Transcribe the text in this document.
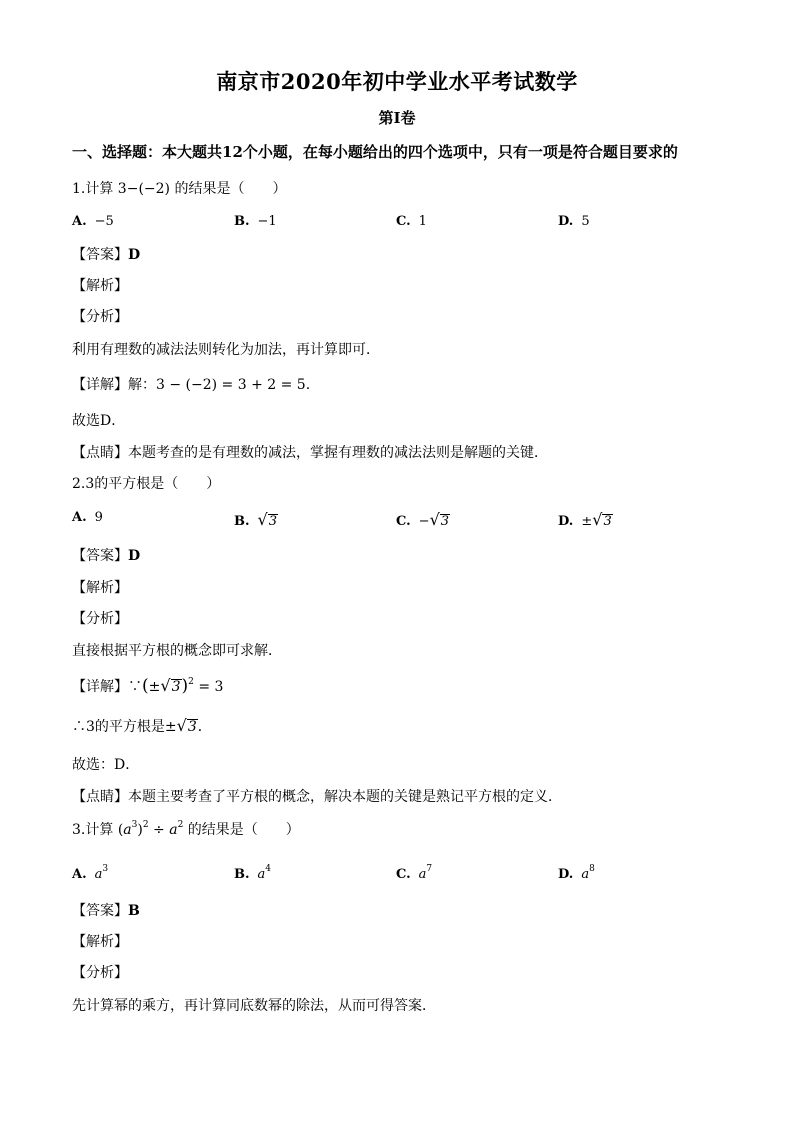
南京市2020年初中学业水平考试数学
第Ⅰ卷
一、选择题：本大题共12个小题，在每小题给出的四个选项中，只有一项是符合题目要求的
1.计算 3−(−2) 的结果是（　　）
A. −5	B. −1	C. 1	D. 5
【答案】D
【解析】
【分析】
利用有理数的减法法则转化为加法，再计算即可．
【详解】解：3 − (−2) = 3 + 2 = 5.
故选D．
【点睛】本题考查的是有理数的减法，掌握有理数的减法法则是解题的关键．
2.3的平方根是（　　）
A. 9	B. √3	C. −√3	D. ±√3
【答案】D
【解析】
【分析】
直接根据平方根的概念即可求解．
【详解】$\because(\pm√3)^2 = 3$
∴3的平方根是±√3．
故选：D．
【点睛】本题主要考查了平方根的概念，解决本题的关键是熟记平方根的定义．
3.计算 $(a^3)^2 \div a^2$ 的结果是（　　）
A. $a^3$	B. $a^4$	C. $a^7$	D. $a^8$
【答案】B
【解析】
【分析】
先计算幂的乘方，再计算同底数幂的除法，从而可得答案．
